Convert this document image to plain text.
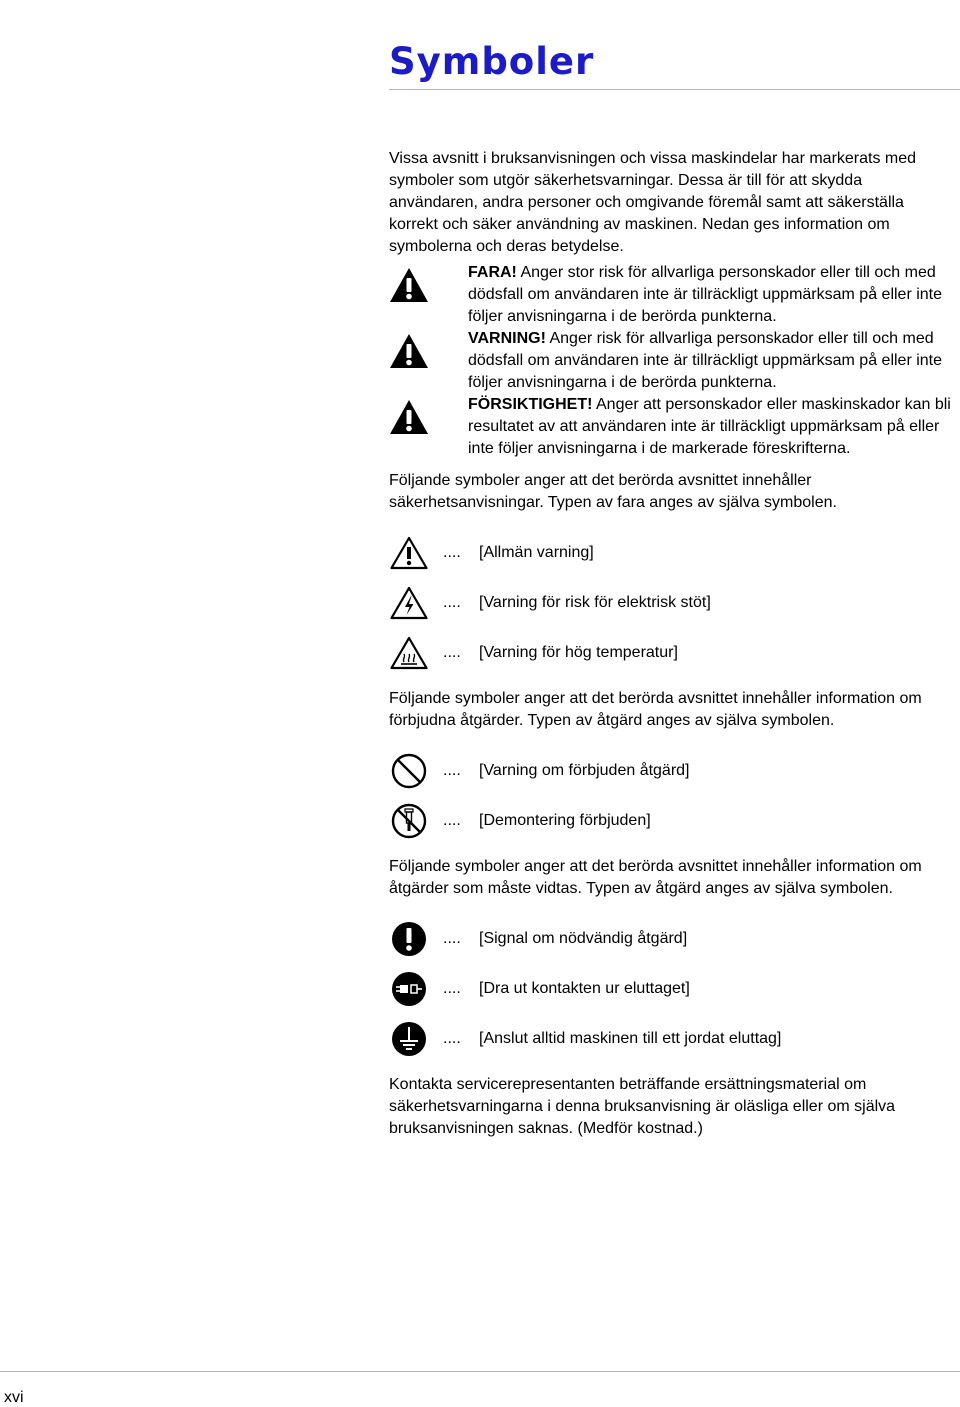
Symboler

Vissa avsnitt i bruksanvisningen och vissa maskindelar har markerats med symboler som utgör säkerhetsvarningar. Dessa är till för att skydda användaren, andra personer och omgivande föremål samt att säkerställa korrekt och säker användning av maskinen. Nedan ges information om symbolerna och deras betydelse.

FARA! Anger stor risk för allvarliga personskador eller till och med dödsfall om användaren inte är tillräckligt uppmärksam på eller inte följer anvisningarna i de berörda punkterna.

VARNING! Anger risk för allvarliga personskador eller till och med dödsfall om användaren inte är tillräckligt uppmärksam på eller inte följer anvisningarna i de berörda punkterna.

FÖRSIKTIGHET! Anger att personskador eller maskinskador kan bli resultatet av att användaren inte är tillräckligt uppmärksam på eller inte följer anvisningarna i de markerade föreskrifterna.

Följande symboler anger att det berörda avsnittet innehåller säkerhetsanvisningar. Typen av fara anges av själva symbolen.

....	[Allmän varning]
....	[Varning för risk för elektrisk stöt]
....	[Varning för hög temperatur]

Följande symboler anger att det berörda avsnittet innehåller information om förbjudna åtgärder. Typen av åtgärd anges av själva symbolen.

....	[Varning om förbjuden åtgärd]
....	[Demontering förbjuden]

Följande symboler anger att det berörda avsnittet innehåller information om åtgärder som måste vidtas. Typen av åtgärd anges av själva symbolen.

....	[Signal om nödvändig åtgärd]
....	[Dra ut kontakten ur eluttaget]
....	[Anslut alltid maskinen till ett jordat eluttag]

Kontakta servicerepresentanten beträffande ersättningsmaterial om säkerhetsvarningarna i denna bruksanvisning är oläsliga eller om själva bruksanvisningen saknas. (Medför kostnad.)

xvi
